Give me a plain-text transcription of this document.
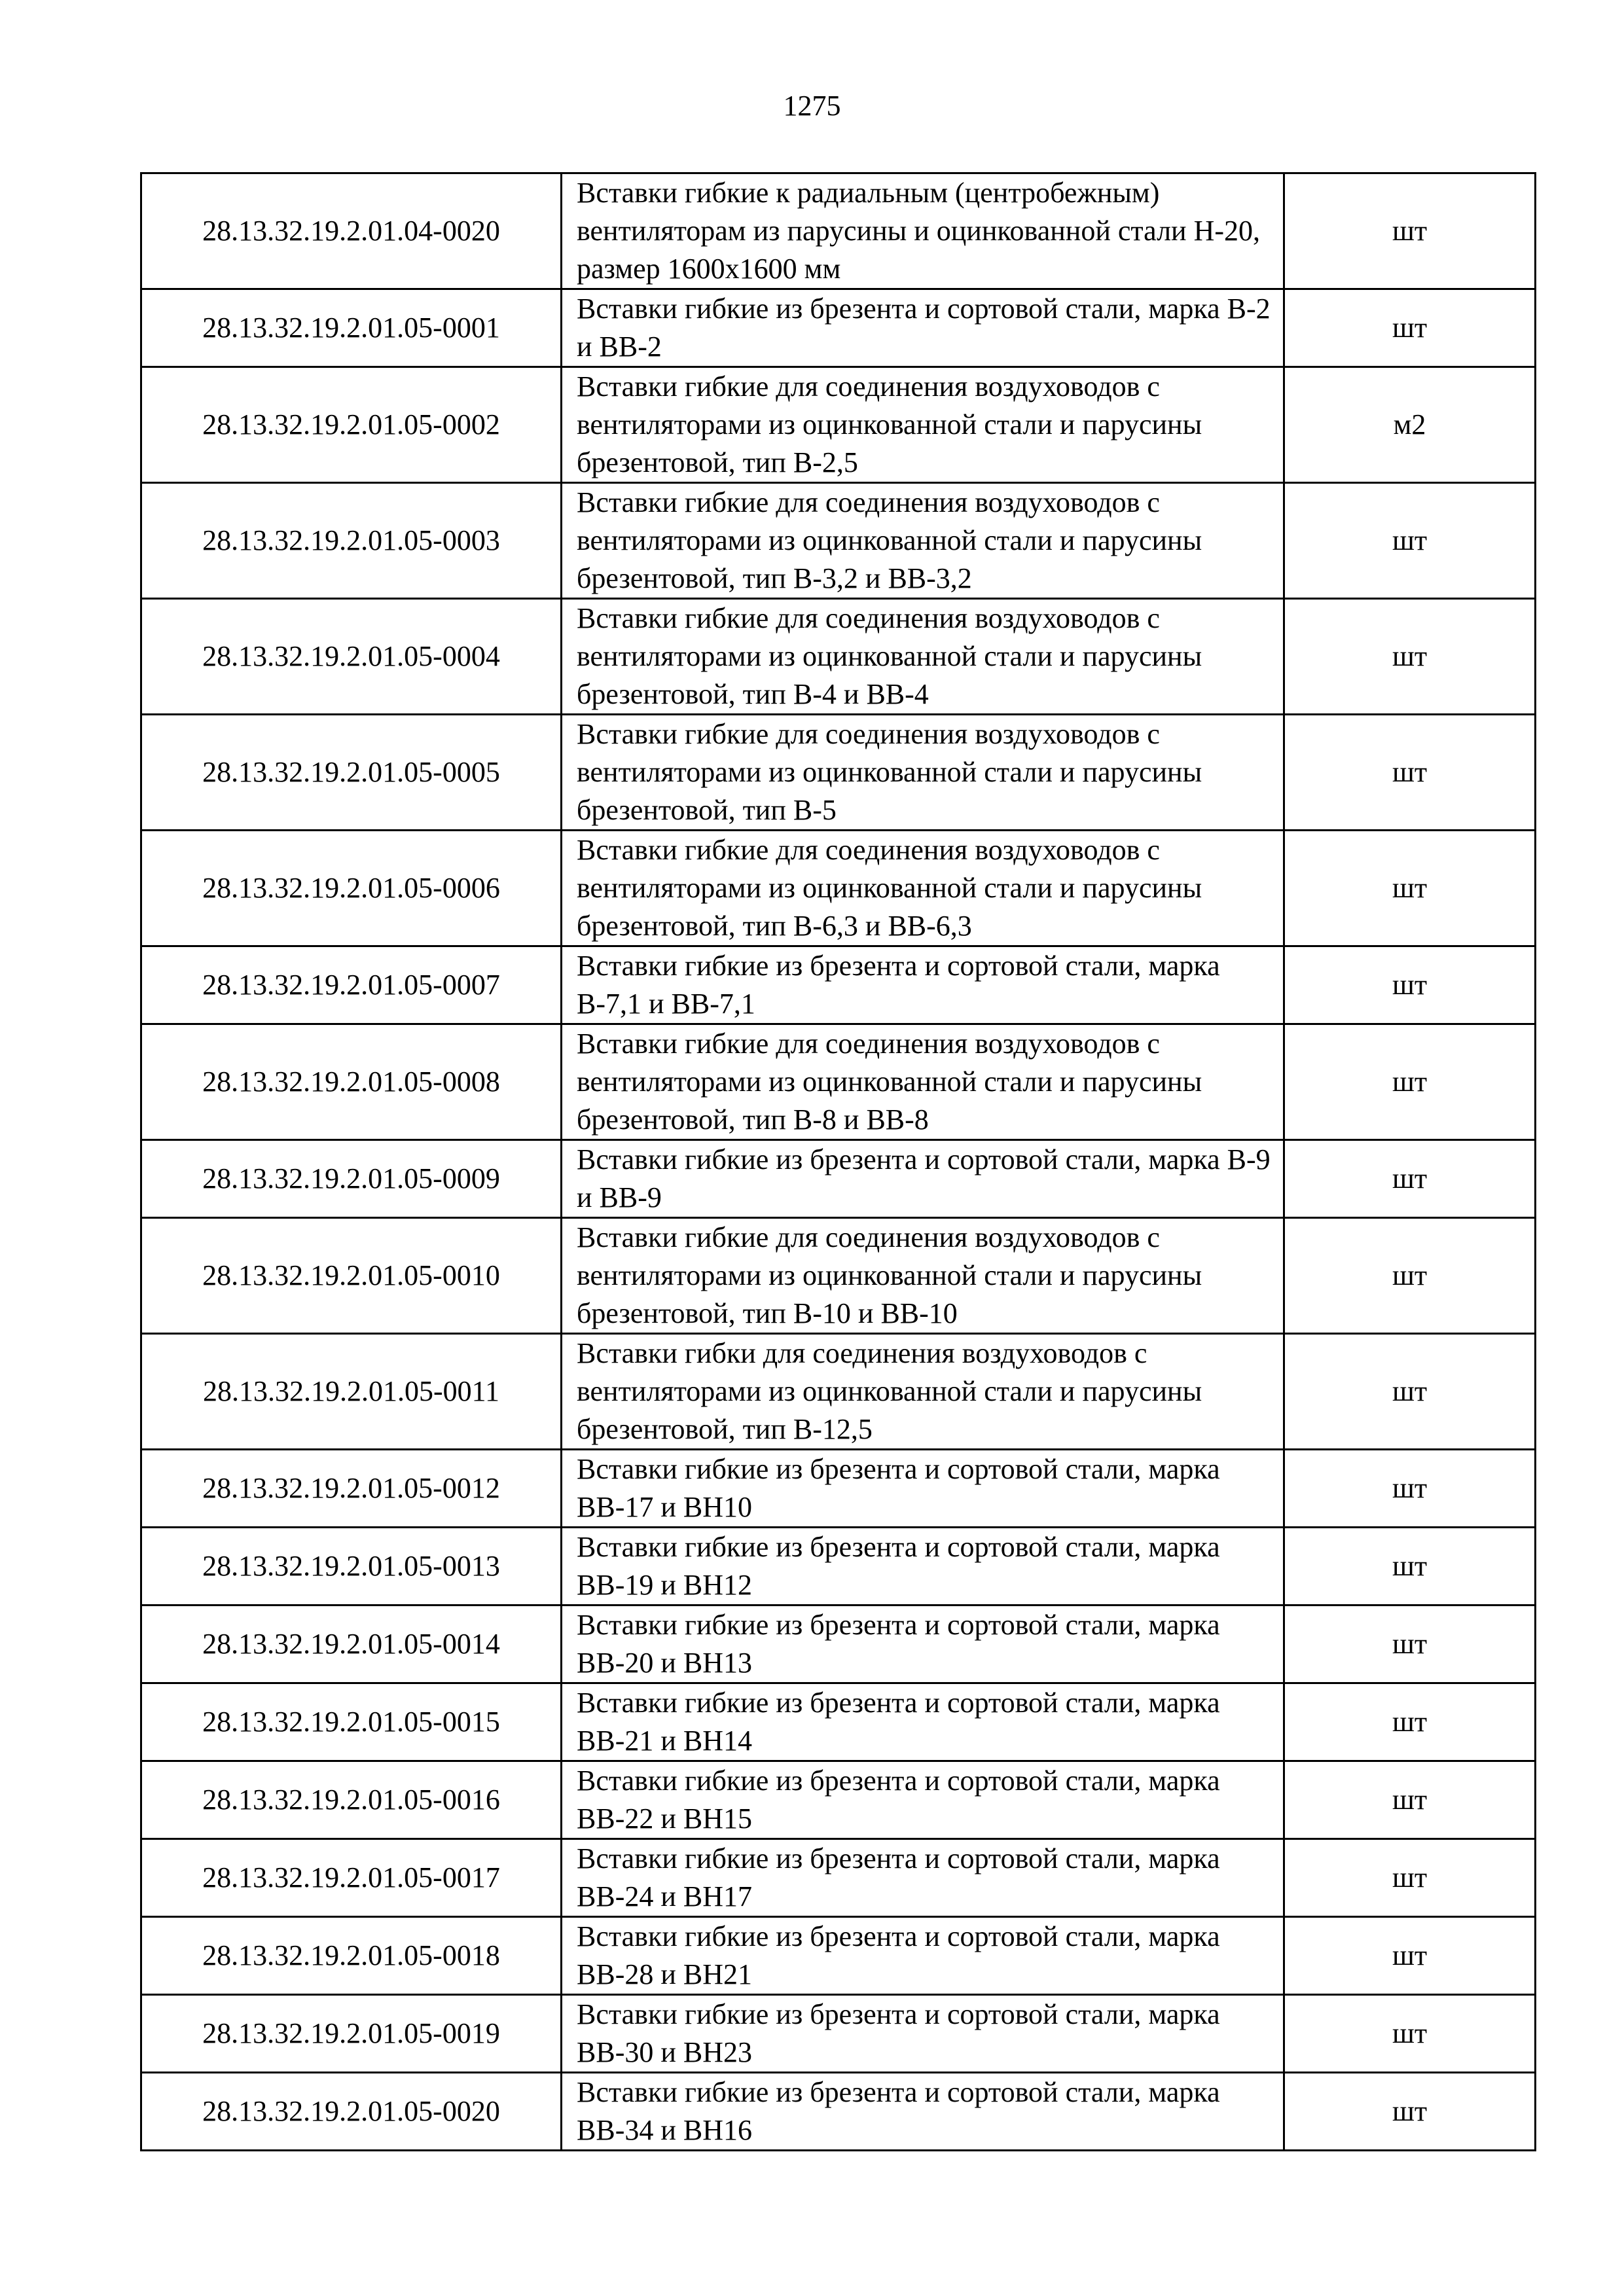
1275
28.13.32.19.2.01.04-0020	Вставки гибкие к радиальным (центробежным) вентиляторам из парусины и оцинкованной стали Н-20, размер 1600х1600 мм	шт
28.13.32.19.2.01.05-0001	Вставки гибкие из брезента и сортовой стали, марка В-2 и ВВ-2	шт
28.13.32.19.2.01.05-0002	Вставки гибкие для соединения воздуховодов с вентиляторами из оцинкованной стали и парусины брезентовой, тип В-2,5	м2
28.13.32.19.2.01.05-0003	Вставки гибкие для соединения воздуховодов с вентиляторами из оцинкованной стали и парусины брезентовой, тип В-3,2 и ВВ-3,2	шт
28.13.32.19.2.01.05-0004	Вставки гибкие для соединения воздуховодов с вентиляторами из оцинкованной стали и парусины брезентовой, тип В-4 и ВВ-4	шт
28.13.32.19.2.01.05-0005	Вставки гибкие для соединения воздуховодов с вентиляторами из оцинкованной стали и парусины брезентовой, тип В-5	шт
28.13.32.19.2.01.05-0006	Вставки гибкие для соединения воздуховодов с вентиляторами из оцинкованной стали и парусины брезентовой, тип В-6,3 и ВВ-6,3	шт
28.13.32.19.2.01.05-0007	Вставки гибкие из брезента и сортовой стали, марка В-7,1 и ВВ-7,1	шт
28.13.32.19.2.01.05-0008	Вставки гибкие для соединения воздуховодов с вентиляторами из оцинкованной стали и парусины брезентовой, тип В-8 и ВВ-8	шт
28.13.32.19.2.01.05-0009	Вставки гибкие из брезента и сортовой стали, марка В-9 и ВВ-9	шт
28.13.32.19.2.01.05-0010	Вставки гибкие для соединения воздуховодов с вентиляторами из оцинкованной стали и парусины брезентовой, тип В-10 и ВВ-10	шт
28.13.32.19.2.01.05-0011	Вставки гибки для соединения воздуховодов с вентиляторами из оцинкованной стали и парусины брезентовой, тип В-12,5	шт
28.13.32.19.2.01.05-0012	Вставки гибкие из брезента и сортовой стали, марка ВВ-17 и ВН10	шт
28.13.32.19.2.01.05-0013	Вставки гибкие из брезента и сортовой стали, марка ВВ-19 и ВН12	шт
28.13.32.19.2.01.05-0014	Вставки гибкие из брезента и сортовой стали, марка ВВ-20 и ВН13	шт
28.13.32.19.2.01.05-0015	Вставки гибкие из брезента и сортовой стали, марка ВВ-21 и ВН14	шт
28.13.32.19.2.01.05-0016	Вставки гибкие из брезента и сортовой стали, марка ВВ-22 и ВН15	шт
28.13.32.19.2.01.05-0017	Вставки гибкие из брезента и сортовой стали, марка ВВ-24 и ВН17	шт
28.13.32.19.2.01.05-0018	Вставки гибкие из брезента и сортовой стали, марка ВВ-28 и ВН21	шт
28.13.32.19.2.01.05-0019	Вставки гибкие из брезента и сортовой стали, марка ВВ-30 и ВН23	шт
28.13.32.19.2.01.05-0020	Вставки гибкие из брезента и сортовой стали, марка ВВ-34 и ВН16	шт
